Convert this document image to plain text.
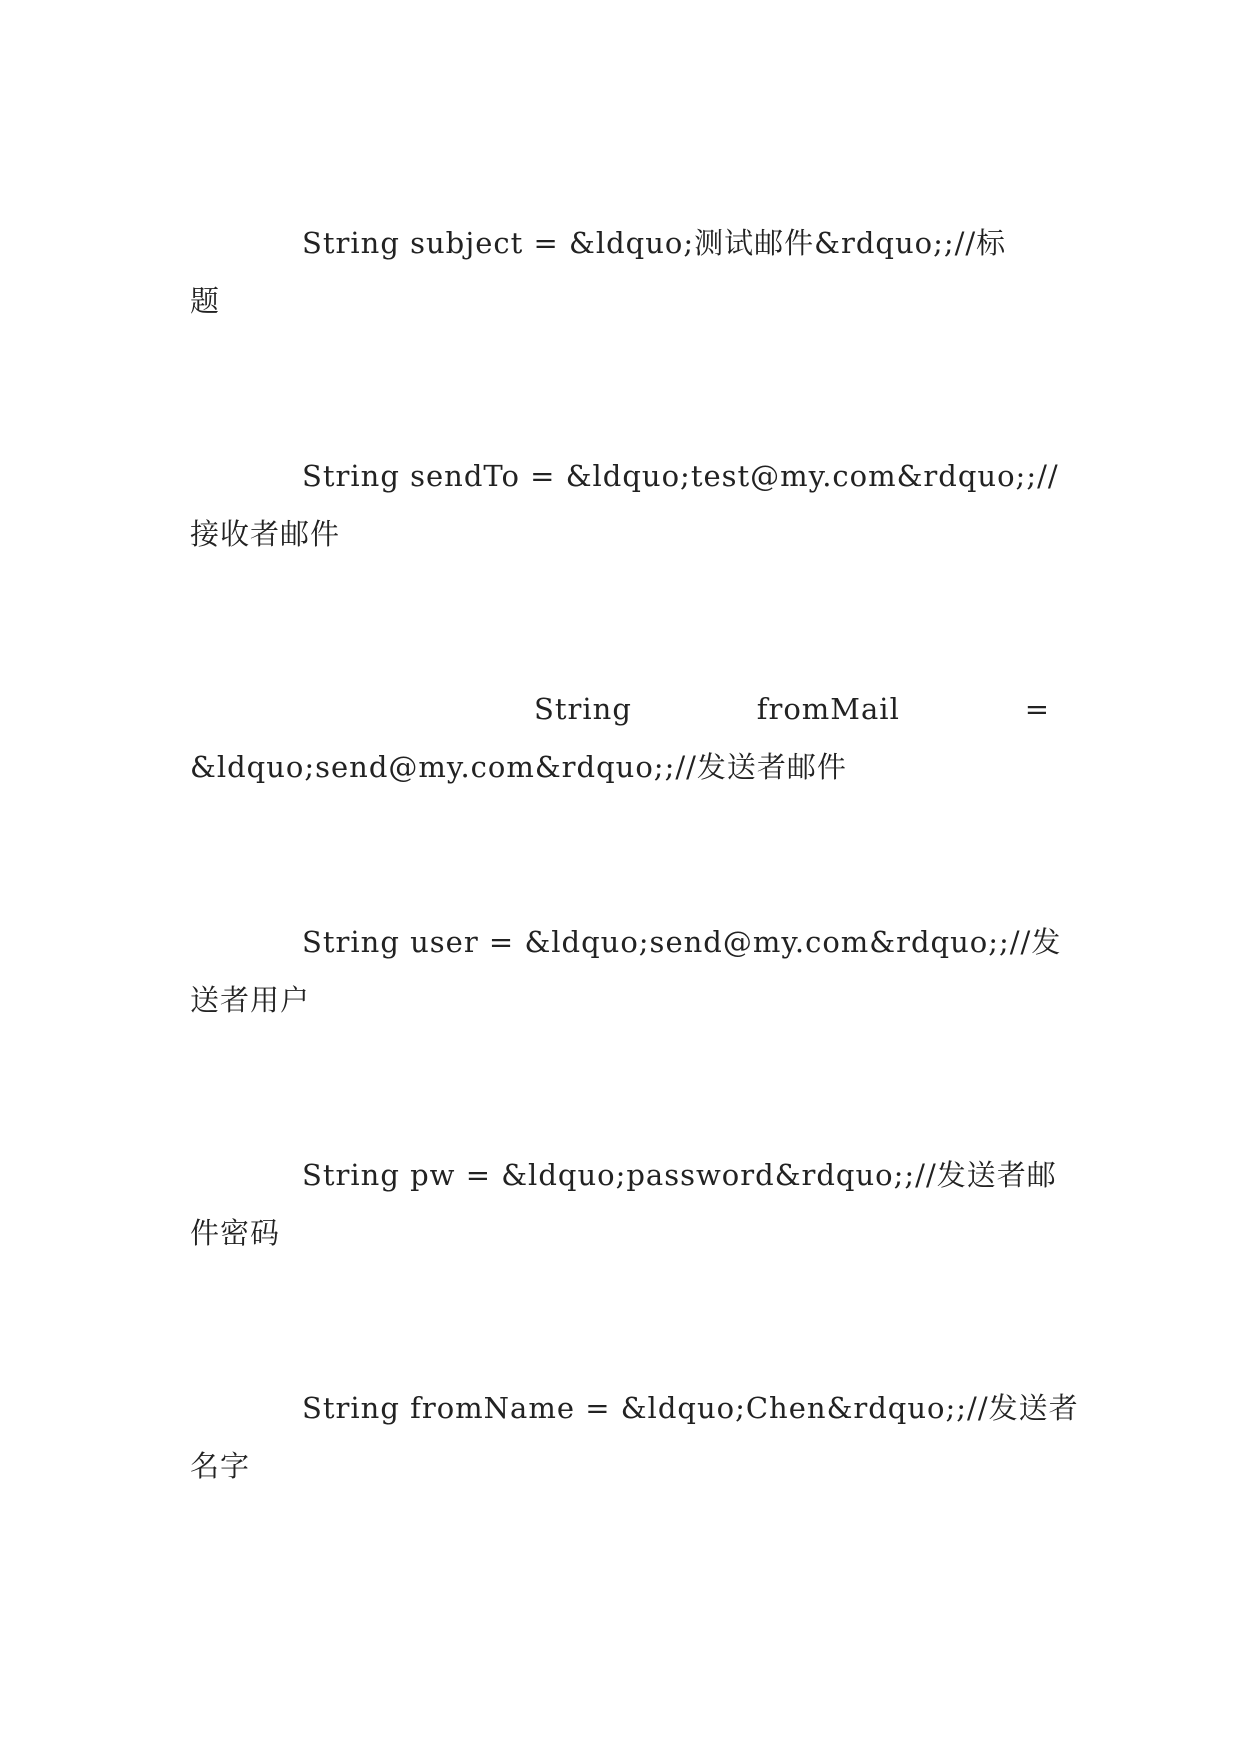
String subject = &ldquo;测试邮件&rdquo;;//标
题
String sendTo = &ldquo;test@my.com&rdquo;;//
接收者邮件
String	fromMail	=
&ldquo;send@my.com&rdquo;;//发送者邮件
String user = &ldquo;send@my.com&rdquo;;//发
送者用户
String pw = &ldquo;password&rdquo;;//发送者邮
件密码
String fromName = &ldquo;Chen&rdquo;;//发送者
名字
